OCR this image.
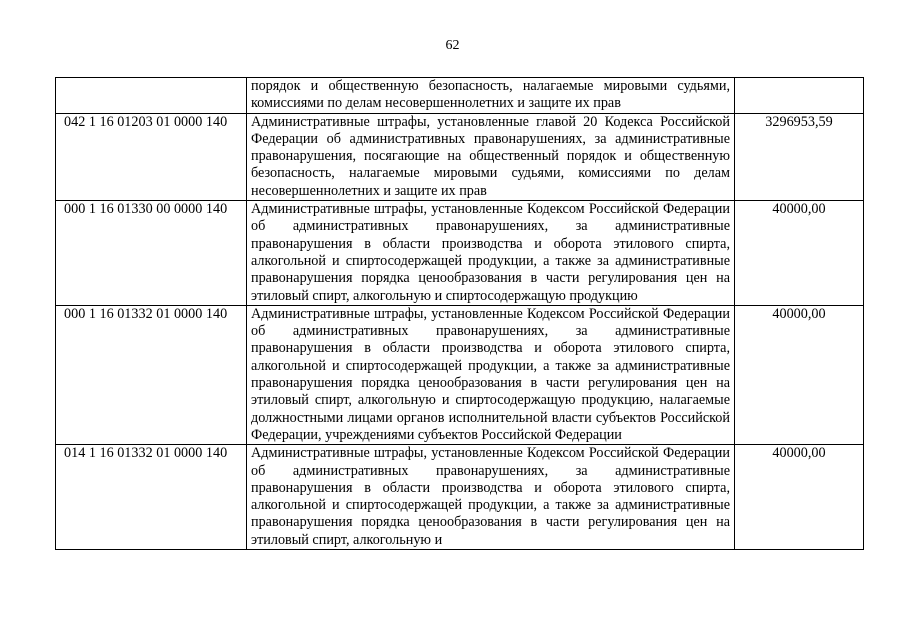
62
	порядок и общественную безопасность, налагаемые мировыми судьями, комиссиями по делам несовершеннолетних и защите их прав	
042 1 16 01203 01 0000 140	Административные штрафы, установленные главой 20 Кодекса Российской Федерации об административных правонарушениях, за административные правонарушения, посягающие на общественный порядок и общественную безопасность, налагаемые мировыми судьями, комиссиями по делам несовершеннолетних и защите их прав	3296953,59
000 1 16 01330 00 0000 140	Административные штрафы, установленные Кодексом Российской Федерации об административных правонарушениях, за административные правонарушения в области производства и оборота этилового спирта, алкогольной и спиртосодержащей продукции, а также за административные правонарушения порядка ценообразования в части регулирования цен на этиловый спирт, алкогольную и спиртосодержащую продукцию	40000,00
000 1 16 01332 01 0000 140	Административные штрафы, установленные Кодексом Российской Федерации об административных правонарушениях, за административные правонарушения в области производства и оборота этилового спирта, алкогольной и спиртосодержащей продукции, а также за административные правонарушения порядка ценообразования в части регулирования цен на этиловый спирт, алкогольную и спиртосодержащую продукцию, налагаемые должностными лицами органов исполнительной власти субъектов Российской Федерации, учреждениями субъектов Российской Федерации	40000,00
014 1 16 01332 01 0000 140	Административные штрафы, установленные Кодексом Российской Федерации об административных правонарушениях, за административные правонарушения в области производства и оборота этилового спирта, алкогольной и спиртосодержащей продукции, а также за административные правонарушения порядка ценообразования в части регулирования цен на этиловый спирт, алкогольную и	40000,00
